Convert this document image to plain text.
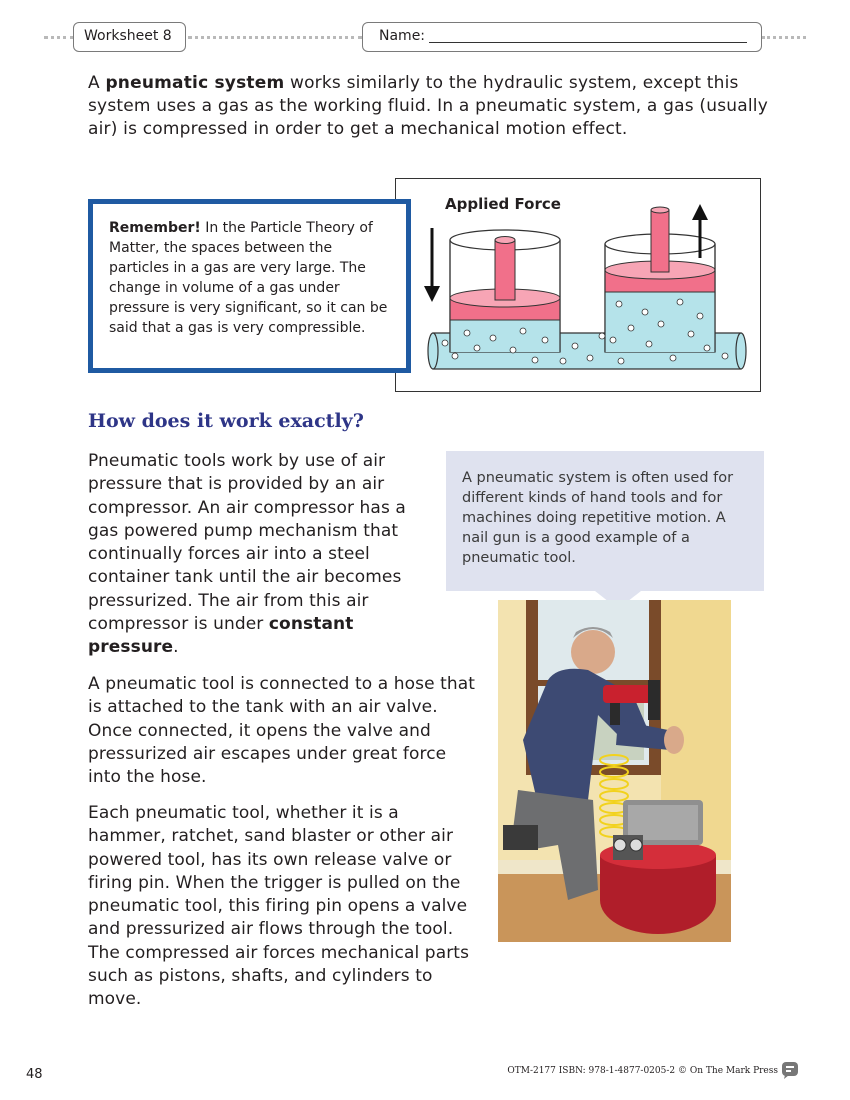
Worksheet 8	Name:
A pneumatic system works similarly to the hydraulic system, except this system uses a gas as the working fluid. In a pneumatic system, a gas (usually air) is compressed in order to get a mechanical motion effect.
Remember! In the Particle Theory of Matter, the spaces between the particles in a gas are very large. The change in volume of a gas under pressure is very significant, so it can be said that a gas is very compressible.
Applied Force
How does it work exactly?

Pneumatic tools work by use of air pressure that is provided by an air compressor. An air compressor has a gas powered pump mechanism that continually forces air into a steel container tank until the air becomes pressurized. The air from this air compressor is under constant pressure.

A pneumatic tool is connected to a hose that is attached to the tank with an air valve. Once connected, it opens the valve and pressurized air escapes under great force into the hose.

Each pneumatic tool, whether it is a hammer, ratchet, sand blaster or other air powered tool, has its own release valve or firing pin. When the trigger is pulled on the pneumatic tool, this firing pin opens a valve and pressurized air flows through the tool. The compressed air forces mechanical parts such as pistons, shafts, and cylinders to move.

A pneumatic system is often used for different kinds of hand tools and for machines doing repetitive motion. A nail gun is a good example of a pneumatic tool.
48	OTM-2177 ISBN: 978-1-4877-0205-2 © On The Mark Press
